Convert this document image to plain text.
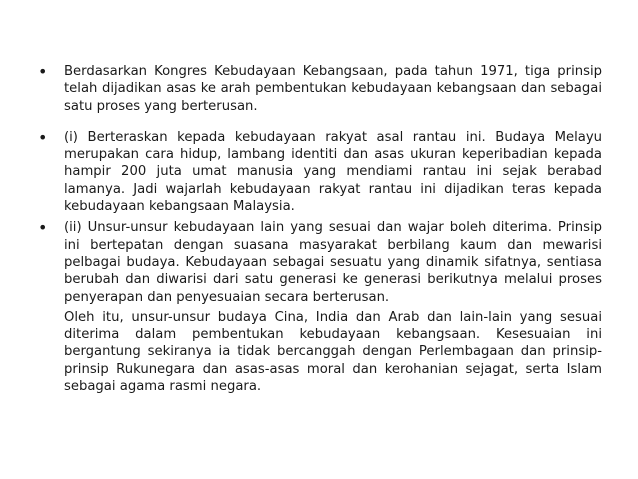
• Berdasarkan Kongres Kebudayaan Kebangsaan, pada tahun 1971, tiga prinsip telah dijadikan asas ke arah pembentukan kebudayaan kebangsaan dan sebagai satu proses yang berterusan.

• (i) Berteraskan kepada kebudayaan rakyat asal rantau ini. Budaya Melayu merupakan cara hidup, lambang identiti dan asas ukuran keperibadian kepada hampir 200 juta umat manusia yang mendiami rantau ini sejak berabad lamanya. Jadi wajarlah kebudayaan rakyat rantau ini dijadikan teras kepada kebudayaan kebangsaan Malaysia.

• (ii) Unsur-unsur kebudayaan lain yang sesuai dan wajar boleh diterima. Prinsip ini bertepatan dengan suasana masyarakat berbilang kaum dan mewarisi pelbagai budaya. Kebudayaan sebagai sesuatu yang dinamik sifatnya, sentiasa berubah dan diwarisi dari satu generasi ke generasi berikutnya melalui proses penyerapan dan penyesuaian secara berterusan.

Oleh itu, unsur-unsur budaya Cina, India dan Arab dan lain-lain yang sesuai diterima dalam pembentukan kebudayaan kebangsaan. Kesesuaian ini bergantung sekiranya ia tidak bercanggah dengan Perlembagaan dan prinsip-prinsip Rukunegara dan asas-asas moral dan kerohanian sejagat, serta Islam sebagai agama rasmi negara.
